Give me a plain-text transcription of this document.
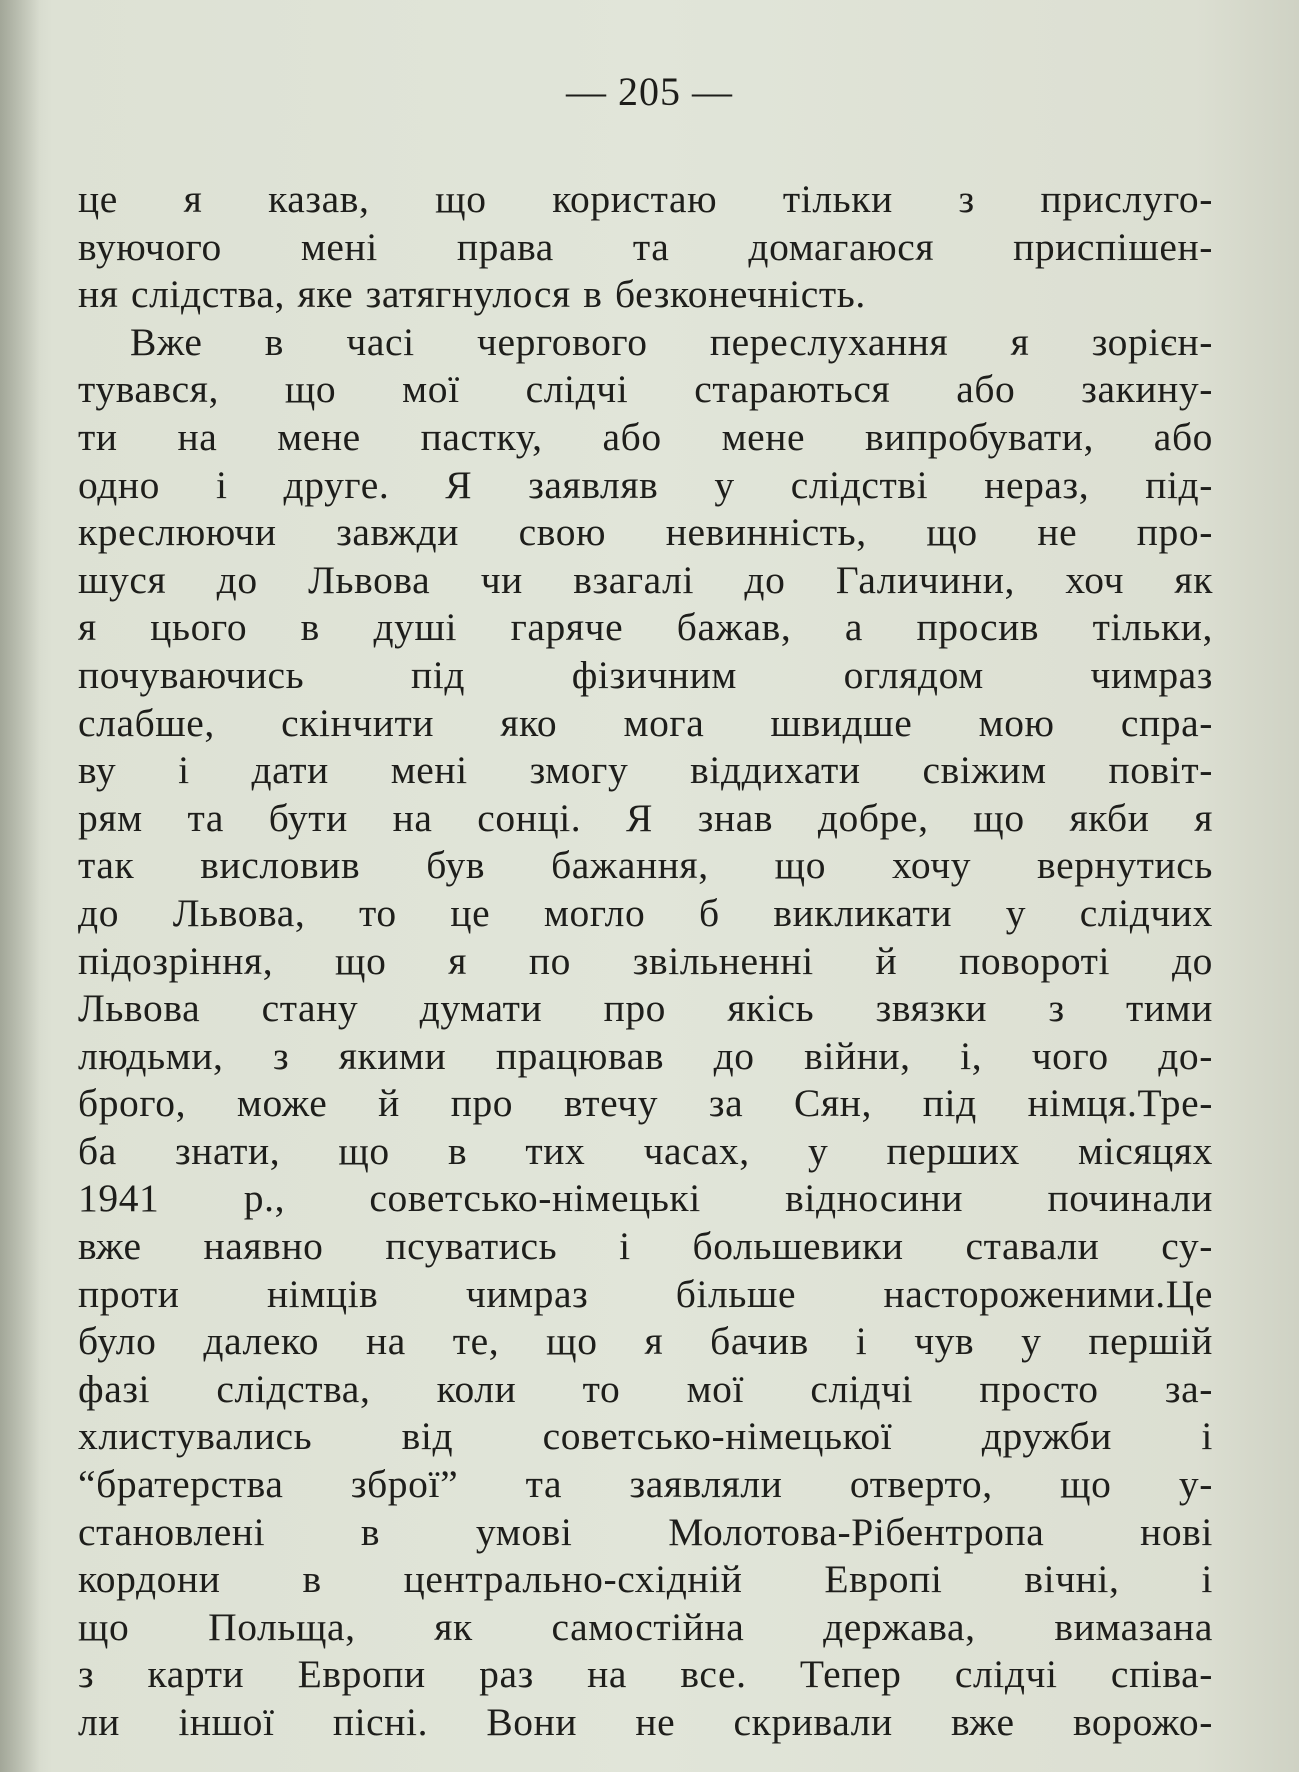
— 205 —
це я казав, що користаю тільки з прислуго-
вуючого мені права та домагаюся приспішен-
ня слідства, яке затягнулося в безконечність.
Вже в часі чергового переслухання я зорієн-
тувався, що мої слідчі стараються або закину-
ти на мене пастку, або мене випробувати, або
одно і друге. Я заявляв у слідстві нераз, під-
креслюючи завжди свою невинність, що не про-
шуся до Львова чи взагалі до Галичини, хоч як
я цього в душі гаряче бажав, а просив тільки,
почуваючись під фізичним оглядом чимраз
слабше, скінчити яко мога швидше мою спра-
ву і дати мені змогу віддихати свіжим повіт-
рям та бути на сонці. Я знав добре, що якби я
так висловив був бажання, що хочу вернутись
до Львова, то це могло б викликати у слідчих
підозріння, що я по звільненні й повороті до
Львова стану думати про якісь звязки з тими
людьми, з якими працював до війни, і, чого до-
брого, може й про втечу за Сян, під німця.Тре-
ба знати, що в тих часах, у перших місяцях
1941 р., советсько-німецькі відносини починали
вже наявно псуватись і большевики ставали су-
проти німців чимраз більше настороженими.Це
було далеко на те, що я бачив і чув у першій
фазі слідства, коли то мої слідчі просто за-
хлистувались від советсько-німецької дружби і
“братерства зброї” та заявляли отверто, що у-
становлені в умові Молотова-Рібентропа нові
кордони в центрально-східній Европі вічні, і
що Польща, як самостійна держава, вимазана
з карти Европи раз на все. Тепер слідчі співа-
ли іншої пісні. Вони не скривали вже ворожо-
